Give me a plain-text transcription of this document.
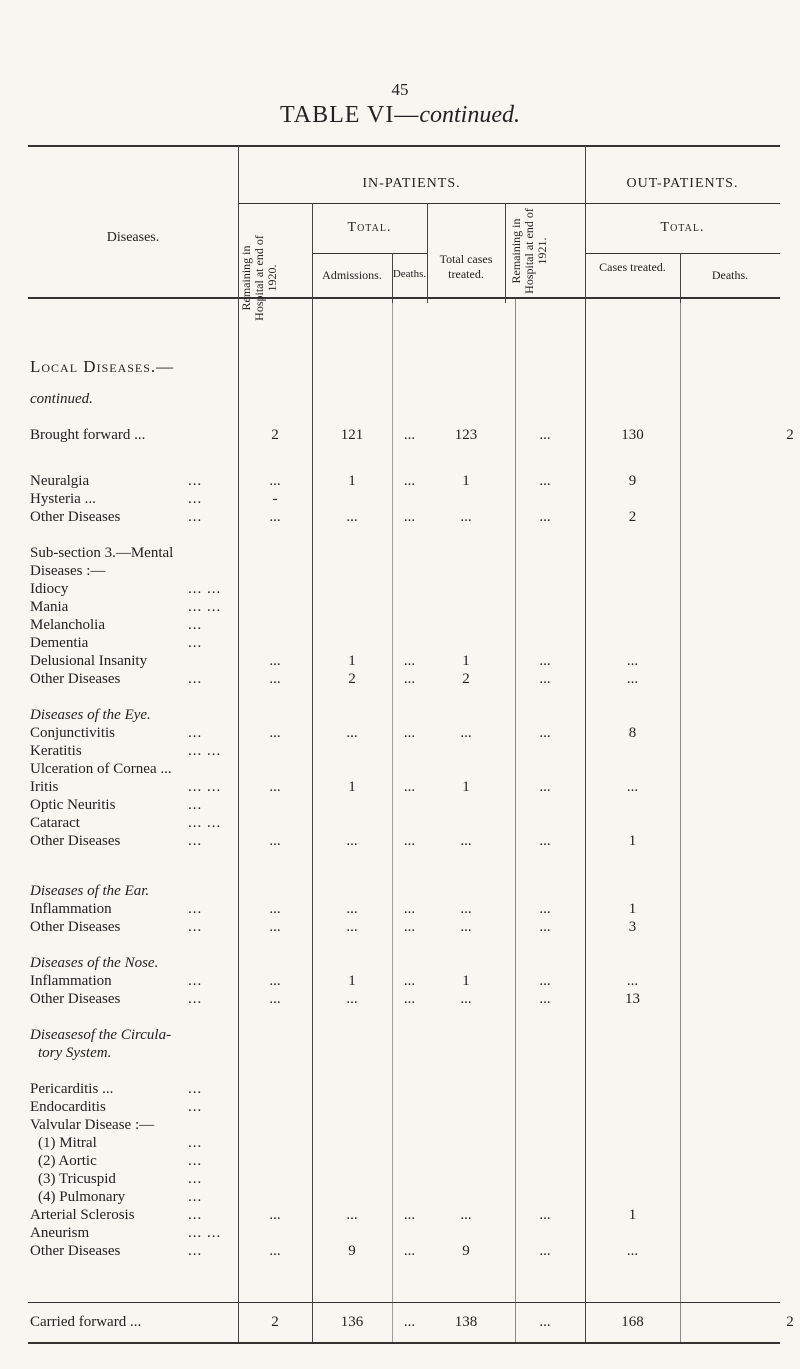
45
TABLE VI—continued.
Diseases.
IN-PATIENTS.	OUT-PATIENTS.
Remaining in Hospital at end of 1920.
Total.
Admissions.	Deaths.
Total cases treated.	Remaining in Hospital at end of 1921.
Total.
Cases treated.
Deaths.
Local Diseases.—
continued.
Brought forward ...	2	121	...	123	...	130	2
Neuralgia	...	...	1	...	1	...	9
Hysteria ...	...	-
Other Diseases	...	...	...	...	...	...	2
Sub-section 3.—Mental
Diseases :—
Idiocy	... ...
Mania	... ...
Melancholia	...
Dementia	...
Delusional Insanity	...	1	...	1	...	...
Other Diseases	...	...	2	...	2	...	...
Diseases of the Eye.
Conjunctivitis	...	...	...	...	...	...	8
Keratitis	... ...
Ulceration of Cornea ...
Iritis	... ...	...	1	...	1	...	...
Optic Neuritis	...
Cataract	... ...
Other Diseases	...	...	...	...	...	...	1
Diseases of the Ear.
Inflammation	...	...	...	...	...	...	1
Other Diseases	...	...	...	...	...	...	3
Diseases of the Nose.
Inflammation	...	...	1	...	1	...	...
Other Diseases	...	...	...	...	...	...	13
Diseasesof the Circula-
tory System.
Pericarditis ...	...
Endocarditis	...
Valvular Disease :—
(1) Mitral	...
(2) Aortic	...
(3) Tricuspid	...
(4) Pulmonary	...
Arterial Sclerosis	...	...	...	...	...	...	1
Aneurism	... ...
Other Diseases	...	...	9	...	9	...	...
Carried forward ...	2	136	...	138	...	168	2
